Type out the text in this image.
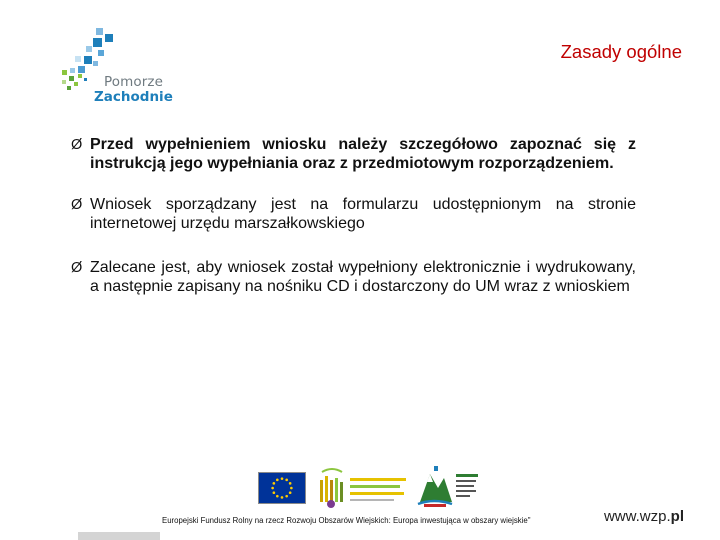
Pomorze
Zachodnie
Zasady ogólne
Ø Przed wypełnieniem wniosku należy szczegółowo zapoznać się z instrukcją jego wypełniania oraz z przedmiotowym rozporządzeniem.
Ø Wniosek sporządzany jest na formularzu udostępnionym na stronie internetowej urzędu marszałkowskiego
Ø Zalecane jest, aby wniosek został wypełniony elektronicznie i wydrukowany, a następnie zapisany na nośniku CD i dostarczony do UM wraz z wnioskiem
Europejski Fundusz Rolny na rzecz Rozwoju Obszarów Wiejskich: Europa inwestująca w obszary wiejskie"	www.wzp.pl
